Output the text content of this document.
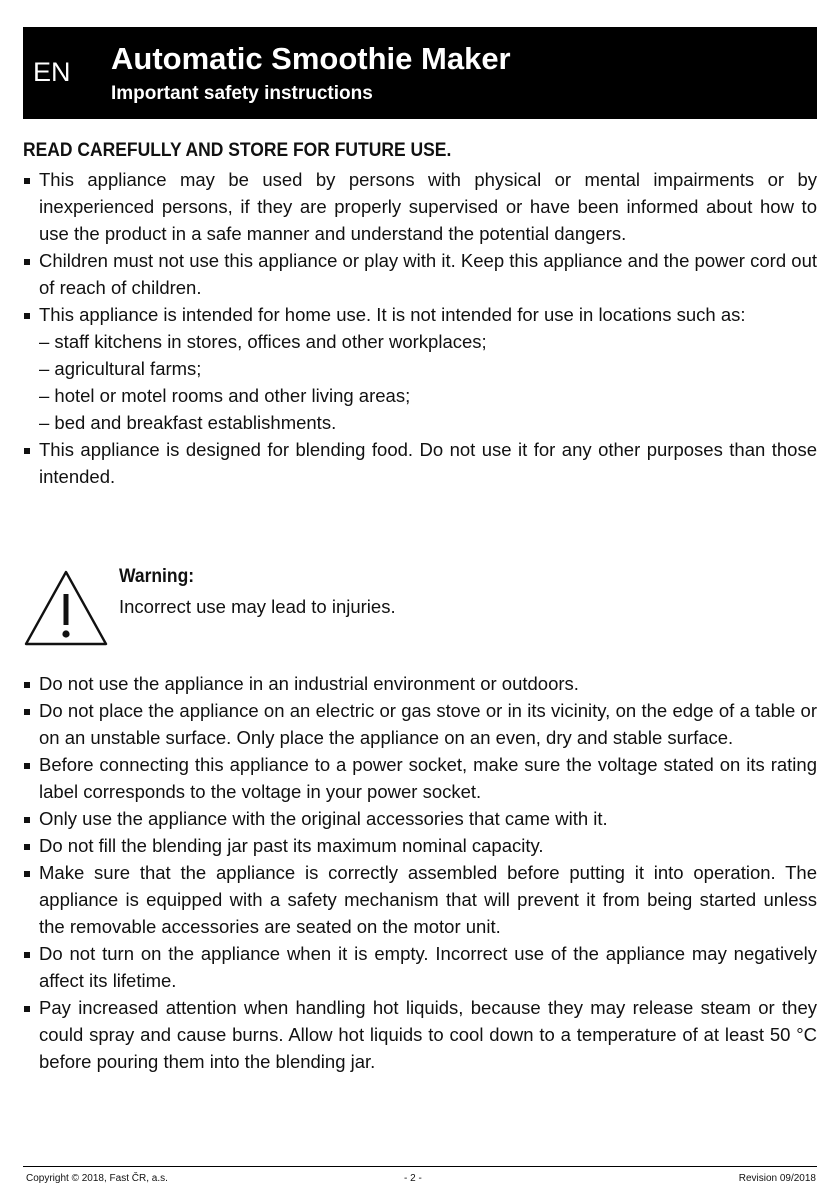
EN Automatic Smoothie Maker
Important safety instructions
READ CAREFULLY AND STORE FOR FUTURE USE.
This appliance may be used by persons with physical or mental impairments or by inexperienced persons, if they are properly supervised or have been informed about how to use the product in a safe manner and understand the potential dangers.
Children must not use this appliance or play with it. Keep this appliance and the power cord out of reach of children.
This appliance is intended for home use. It is not intended for use in locations such as:
– staff kitchens in stores, offices and other workplaces;
– agricultural farms;
– hotel or motel rooms and other living areas;
– bed and breakfast establishments.
This appliance is designed for blending food. Do not use it for any other purposes than those intended.
Warning:
Incorrect use may lead to injuries.
Do not use the appliance in an industrial environment or outdoors.
Do not place the appliance on an electric or gas stove or in its vicinity, on the edge of a table or on an unstable surface. Only place the appliance on an even, dry and stable surface.
Before connecting this appliance to a power socket, make sure the voltage stated on its rating label corresponds to the voltage in your power socket.
Only use the appliance with the original accessories that came with it.
Do not fill the blending jar past its maximum nominal capacity.
Make sure that the appliance is correctly assembled before putting it into operation. The appliance is equipped with a safety mechanism that will prevent it from being started unless the removable accessories are seated on the motor unit.
Do not turn on the appliance when it is empty. Incorrect use of the appliance may negatively affect its lifetime.
Pay increased attention when handling hot liquids, because they may release steam or they could spray and cause burns. Allow hot liquids to cool down to a temperature of at least 50 °C before pouring them into the blending jar.
Copyright © 2018, Fast ČR, a.s.	- 2 -	Revision 09/2018
